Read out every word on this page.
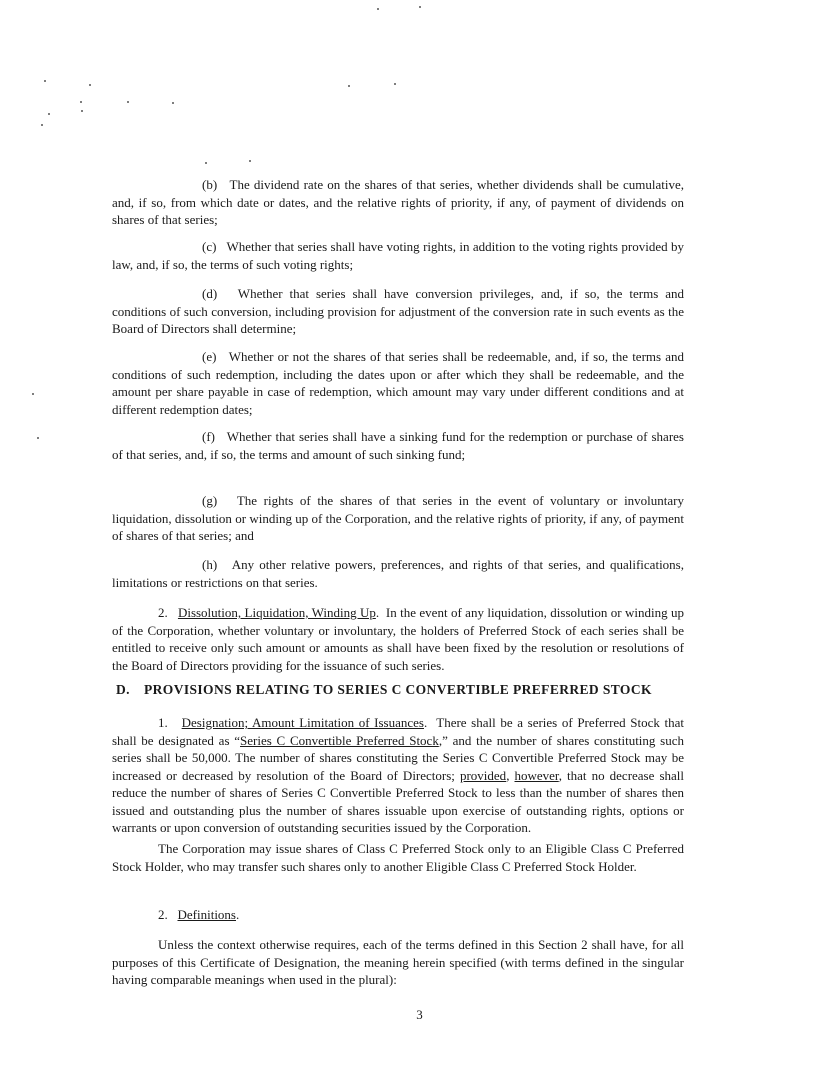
(b) The dividend rate on the shares of that series, whether dividends shall be cumulative, and, if so, from which date or dates, and the relative rights of priority, if any, of payment of dividends on shares of that series;

(c) Whether that series shall have voting rights, in addition to the voting rights provided by law, and, if so, the terms of such voting rights;

(d) Whether that series shall have conversion privileges, and, if so, the terms and conditions of such conversion, including provision for adjustment of the conversion rate in such events as the Board of Directors shall determine;

(e) Whether or not the shares of that series shall be redeemable, and, if so, the terms and conditions of such redemption, including the dates upon or after which they shall be redeemable, and the amount per share payable in case of redemption, which amount may vary under different conditions and at different redemption dates;

(f) Whether that series shall have a sinking fund for the redemption or purchase of shares of that series, and, if so, the terms and amount of such sinking fund;

(g) The rights of the shares of that series in the event of voluntary or involuntary liquidation, dissolution or winding up of the Corporation, and the relative rights of priority, if any, of payment of shares of that series; and

(h) Any other relative powers, preferences, and rights of that series, and qualifications, limitations or restrictions on that series.

2. Dissolution, Liquidation, Winding Up.  In the event of any liquidation, dissolution or winding up of the Corporation, whether voluntary or involuntary, the holders of Preferred Stock of each series shall be entitled to receive only such amount or amounts as shall have been fixed by the resolution or resolutions of the Board of Directors providing for the issuance of such series.

D. PROVISIONS RELATING TO SERIES C CONVERTIBLE PREFERRED STOCK

1. Designation; Amount Limitation of Issuances.  There shall be a series of Preferred Stock that shall be designated as “Series C Convertible Preferred Stock,” and the number of shares constituting such series shall be 50,000. The number of shares constituting the Series C Convertible Preferred Stock may be increased or decreased by resolution of the Board of Directors; provided, however, that no decrease shall reduce the number of shares of Series C Convertible Preferred Stock to less than the number of shares then issued and outstanding plus the number of shares issuable upon exercise of outstanding rights, options or warrants or upon conversion of outstanding securities issued by the Corporation.

The Corporation may issue shares of Class C Preferred Stock only to an Eligible Class C Preferred Stock Holder, who may transfer such shares only to another Eligible Class C Preferred Stock Holder.

2. Definitions.

Unless the context otherwise requires, each of the terms defined in this Section 2 shall have, for all purposes of this Certificate of Designation, the meaning herein specified (with terms defined in the singular having comparable meanings when used in the plural):

3
